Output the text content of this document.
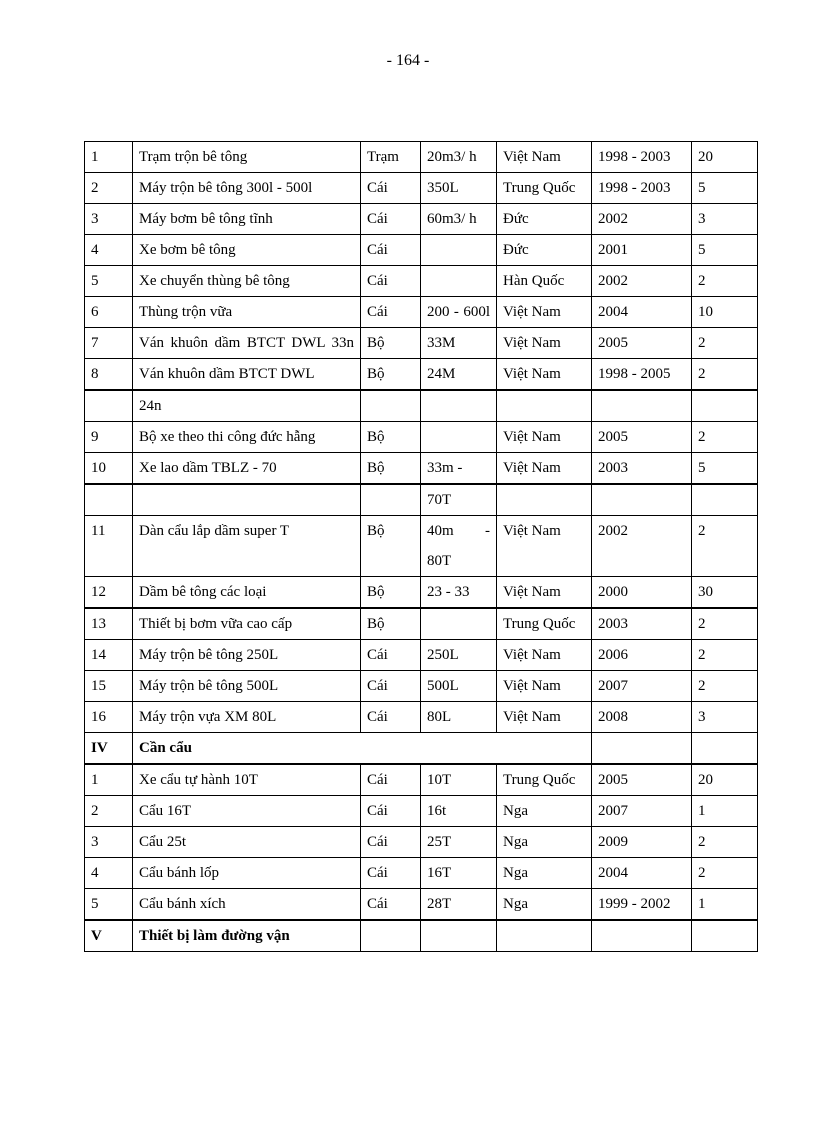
- 164 -
1	Trạm trộn bê tông	Trạm	20m3/ h	Việt Nam	1998 - 2003	20
2	Máy trộn bê tông 300l - 500l	Cái	350L	Trung Quốc	1998 - 2003	5
3	Máy bơm bê tông tĩnh	Cái	60m3/ h	Đức	2002	3
4	Xe bơm bê tông	Cái		Đức	2001	5
5	Xe chuyển thùng bê tông	Cái		Hàn Quốc	2002	2
6	Thùng trộn vữa	Cái	200 - 600l	Việt Nam	2004	10
7	Ván khuôn dầm BTCT DWL 33n	Bộ	33M	Việt Nam	2005	2
8	Ván khuôn dầm BTCT DWL	Bộ	24M	Việt Nam	1998 - 2005	2
	24n					
9	Bộ xe theo thi công đức hẫng	Bộ		Việt Nam	2005	2
10	Xe lao dầm TBLZ - 70	Bộ	33m -	Việt Nam	2003	5
			70T			
11	Dàn cẩu lắp dầm super T	Bộ	40m - 80T	Việt Nam	2002	2
12	Dầm bê tông các loại	Bộ	23 - 33	Việt Nam	2000	30
13	Thiết bị bơm vữa cao cấp	Bộ		Trung Quốc	2003	2
14	Máy trộn bê tông 250L	Cái	250L	Việt Nam	2006	2
15	Máy trộn bê tông 500L	Cái	500L	Việt Nam	2007	2
16	Máy trộn vựa XM 80L	Cái	80L	Việt Nam	2008	3
IV	Cần cẩu					
1	Xe cẩu tự hành 10T	Cái	10T	Trung Quốc	2005	20
2	Cẩu 16T	Cái	16t	Nga	2007	1
3	Cẩu 25t	Cái	25T	Nga	2009	2
4	Cẩu bánh lốp	Cái	16T	Nga	2004	2
5	Cẩu bánh xích	Cái	28T	Nga	1999 - 2002	1
V	Thiết bị làm đường vận					
